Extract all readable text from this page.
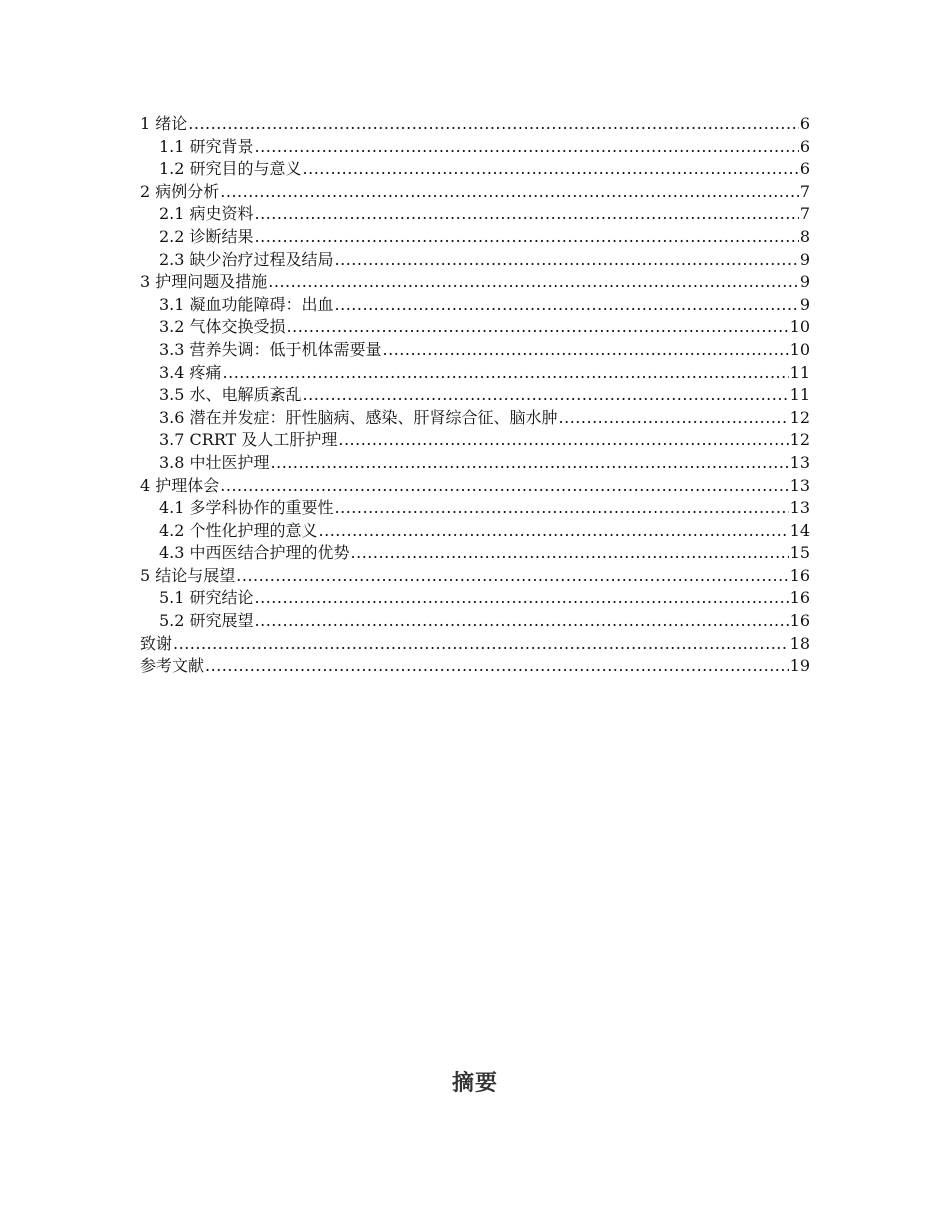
1 绪论 .....	6
1.1 研究背景 .....	6
1.2 研究目的与意义 .....	6
2 病例分析 .....	7
2.1 病史资料 .....	7
2.2 诊断结果 .....	8
2.3 缺少治疗过程及结局 .....	9
3 护理问题及措施 .....	9
3.1 凝血功能障碍：出血 .....	9
3.2 气体交换受损 .....	10
3.3 营养失调：低于机体需要量 .....	10
3.4 疼痛 .....	11
3.5 水、电解质紊乱 .....	11
3.6 潜在并发症：肝性脑病、感染、肝肾综合征、脑水肿 .....	12
3.7 CRRT 及人工肝护理 .....	12
3.8 中壮医护理 .....	13
4 护理体会 .....	13
4.1 多学科协作的重要性 .....	13
4.2 个性化护理的意义 .....	14
4.3 中西医结合护理的优势 .....	15
5 结论与展望 .....	16
5.1 研究结论 .....	16
5.2 研究展望 .....	16
致谢 .....	18
参考文献 .....	19
摘要
